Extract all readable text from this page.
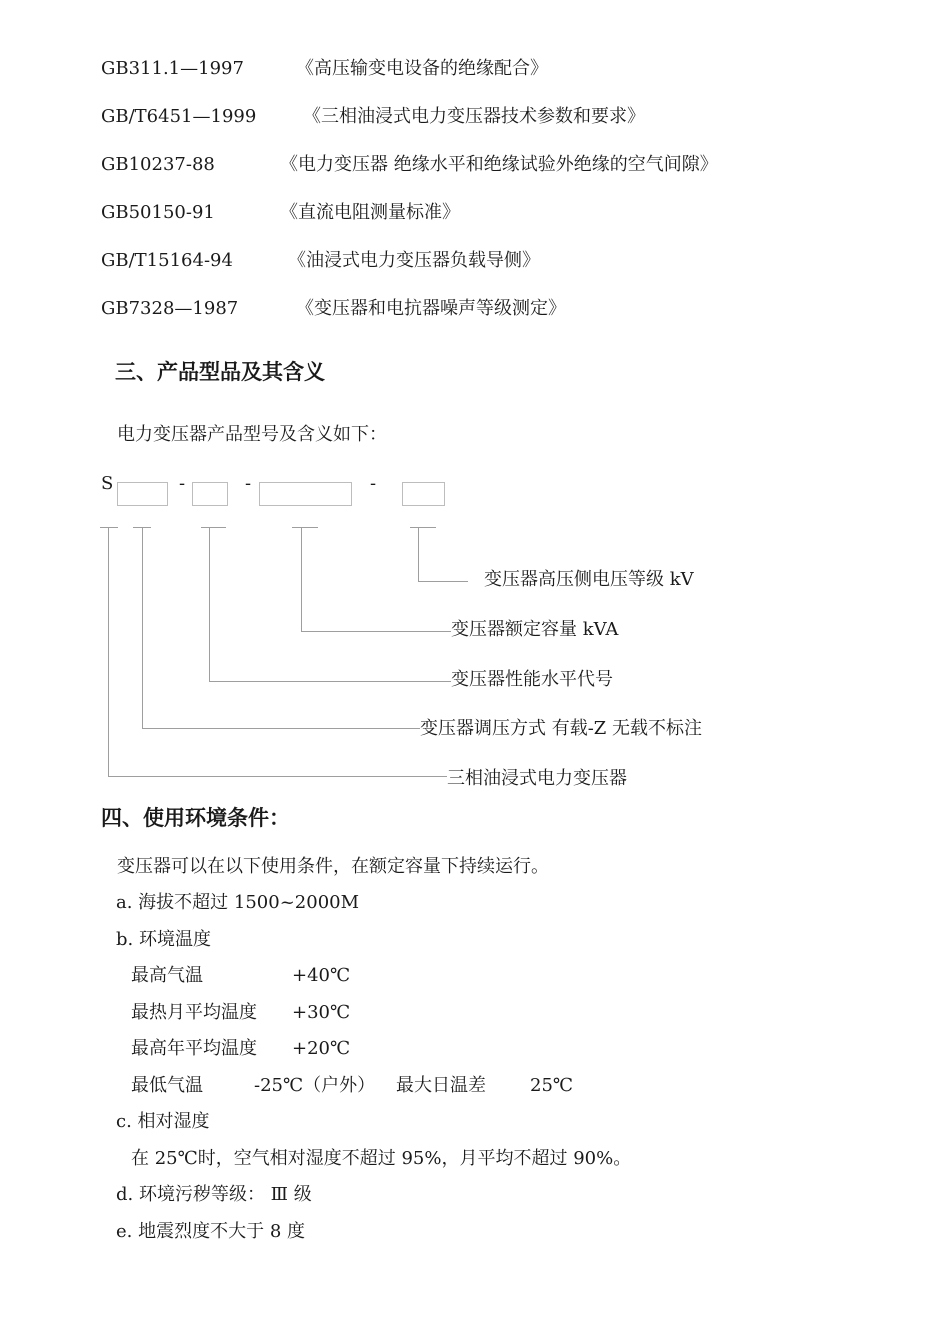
GB311.1—1997	《高压输变电设备的绝缘配合》
GB/T6451—1999	《三相油浸式电力变压器技术参数和要求》
GB10237-88	《电力变压器 绝缘水平和绝缘试验外绝缘的空气间隙》
GB50150-91	《直流电阻测量标准》
GB/T15164-94	《油浸式电力变压器负载导侧》
GB7328—1987	《变压器和电抗器噪声等级测定》
三、产品型品及其含义
电力变压器产品型号及含义如下：
S	-	-	-
变压器高压侧电压等级 kV
变压器额定容量 kVA
变压器性能水平代号
变压器调压方式 有载-Z 无载不标注
三相油浸式电力变压器
四、使用环境条件：
变压器可以在以下使用条件，在额定容量下持续运行。
a. 海拔不超过 1500~2000M
b. 环境温度
最高气温	+40℃
最热月平均温度 +30℃
最高年平均温度 +20℃
最低气温	-25℃（户外） 最大日温差 25℃
c. 相对湿度
在 25℃时，空气相对湿度不超过 95%，月平均不超过 90%。
d. 环境污秽等级： Ⅲ 级
e. 地震烈度不大于 8 度
